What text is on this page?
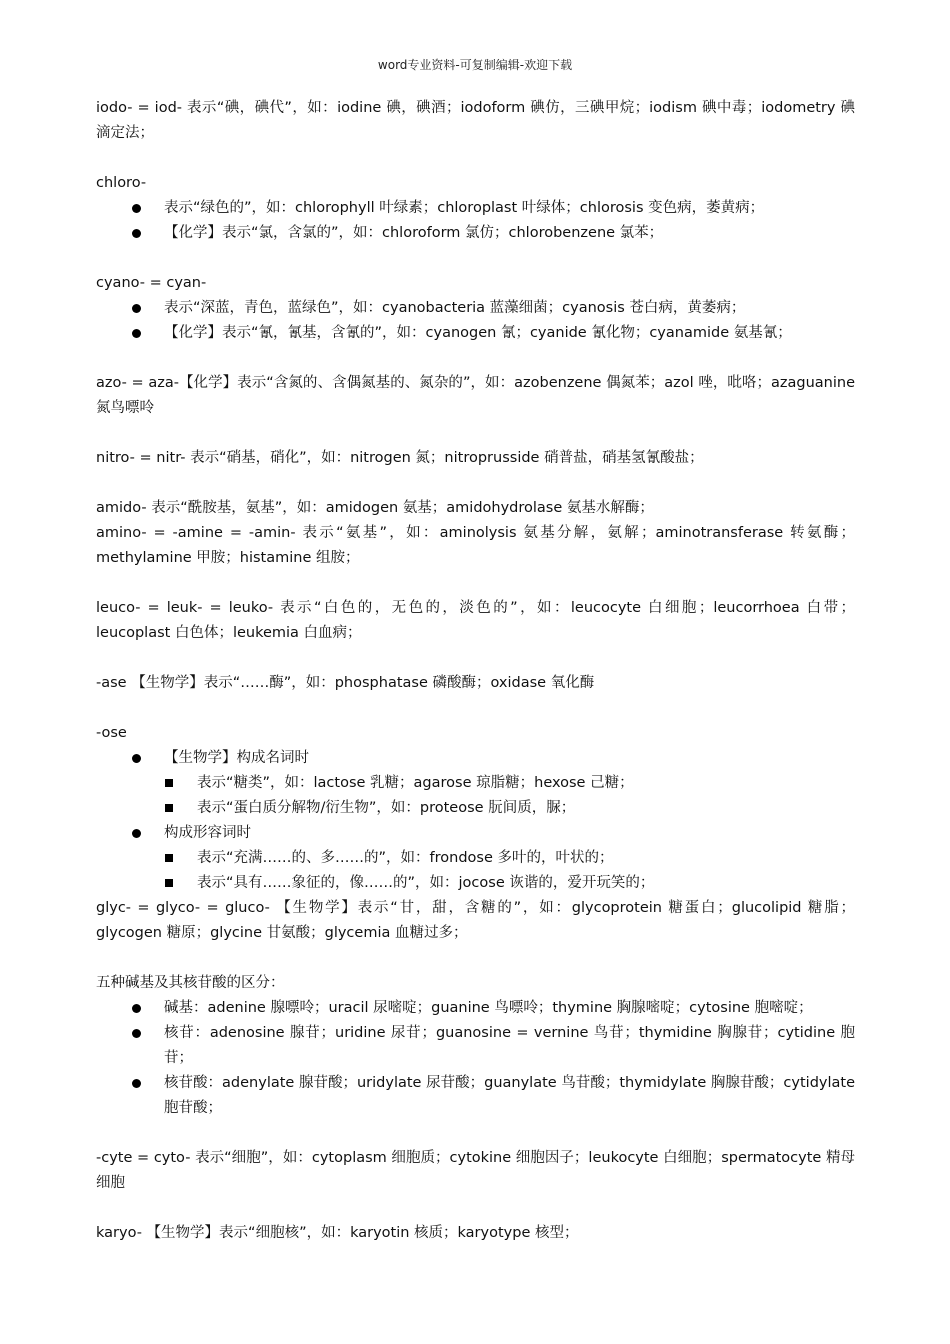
word专业资料-可复制编辑-欢迎下载

iodo- = iod- 表示“碘，碘代”，如：iodine 碘，碘酒；iodoform 碘仿，三碘甲烷；iodism 碘中毒；iodometry 碘滴定法；

chloro-

表示“绿色的”，如：chlorophyll 叶绿素；chloroplast 叶绿体；chlorosis 变色病，萎黄病；
【化学】表示“氯，含氯的”，如：chloroform 氯仿；chlorobenzene 氯苯；

cyano- = cyan-

表示“深蓝，青色，蓝绿色”，如：cyanobacteria 蓝藻细菌；cyanosis 苍白病，黄萎病；
【化学】表示“氰，氰基，含氰的”，如：cyanogen 氰；cyanide 氰化物；cyanamide 氨基氰；

azo- = aza-【化学】表示“含氮的、含偶氮基的、氮杂的”，如：azobenzene 偶氮苯；azol 唑，吡咯；azaguanine 氮鸟嘌呤

nitro- = nitr- 表示“硝基，硝化”，如：nitrogen 氮；nitroprusside 硝普盐，硝基氢氰酸盐；

amido- 表示“酰胺基，氨基”，如：amidogen 氨基；amidohydrolase 氨基水解酶；

amino- = -amine = -amin- 表示“氨基”，如：aminolysis 氨基分解，氨解；aminotransferase 转氨酶；methylamine 甲胺；histamine 组胺；

leuco- = leuk- = leuko- 表示“白色的，无色的，淡色的”，如：leucocyte 白细胞；leucorrhoea 白带；leucoplast 白色体；leukemia 白血病；

-ase 【生物学】表示“……酶”，如：phosphatase 磷酸酶；oxidase 氧化酶

-ose

【生物学】构成名词时
表示“糖类”，如：lactose 乳糖；agarose 琼脂糖；hexose 己糖；
表示“蛋白质分解物/衍生物”，如：proteose 朊间质，脲；
构成形容词时
表示“充满……的、多……的”，如：frondose 多叶的，叶状的；
表示“具有……象征的，像……的”，如：jocose 诙谐的，爱开玩笑的；

glyc- = glyco- = gluco- 【生物学】表示“甘，甜，含糖的”，如：glycoprotein 糖蛋白；glucolipid 糖脂；glycogen 糖原；glycine 甘氨酸；glycemia 血糖过多；

五种碱基及其核苷酸的区分：

碱基：adenine 腺嘌呤；uracil 尿嘧啶；guanine 鸟嘌呤；thymine 胸腺嘧啶；cytosine 胞嘧啶；
核苷：adenosine 腺苷；uridine 尿苷；guanosine = vernine 鸟苷；thymidine 胸腺苷；cytidine 胞苷；
核苷酸：adenylate 腺苷酸；uridylate 尿苷酸；guanylate 鸟苷酸；thymidylate 胸腺苷酸；cytidylate 胞苷酸；

-cyte = cyto- 表示“细胞”，如：cytoplasm 细胞质；cytokine 细胞因子；leukocyte 白细胞；spermatocyte 精母细胞

karyo- 【生物学】表示“细胞核”，如：karyotin 核质；karyotype 核型；
